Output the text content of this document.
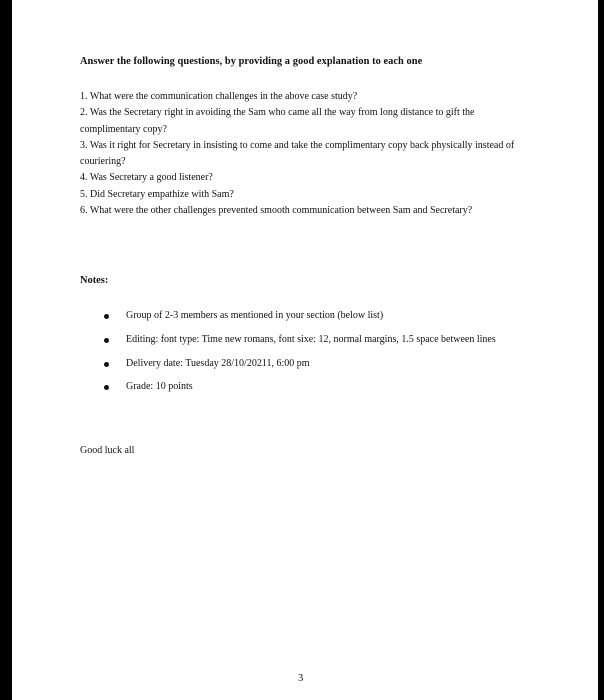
Answer the following questions, by providing a good explanation to each one

1. What were the communication challenges in the above case study?

2. Was the Secretary right in avoiding the Sam who came all the way from long distance to gift the complimentary copy?

3. Was it right for Secretary in insisting to come and take the complimentary copy back physically instead of couriering?

4. Was Secretary a good listener?

5. Did Secretary empathize with Sam?

6. What were the other challenges prevented smooth communication between Sam and Secretary?

Notes:
Group of 2-3 members as mentioned in your section (below list)
Editing: font type: Time new romans, font sixe: 12, normal margins, 1.5 space between lines
Delivery date: Tuesday 28/10/20211, 6:00 pm
Grade: 10 points
Good luck all
3
